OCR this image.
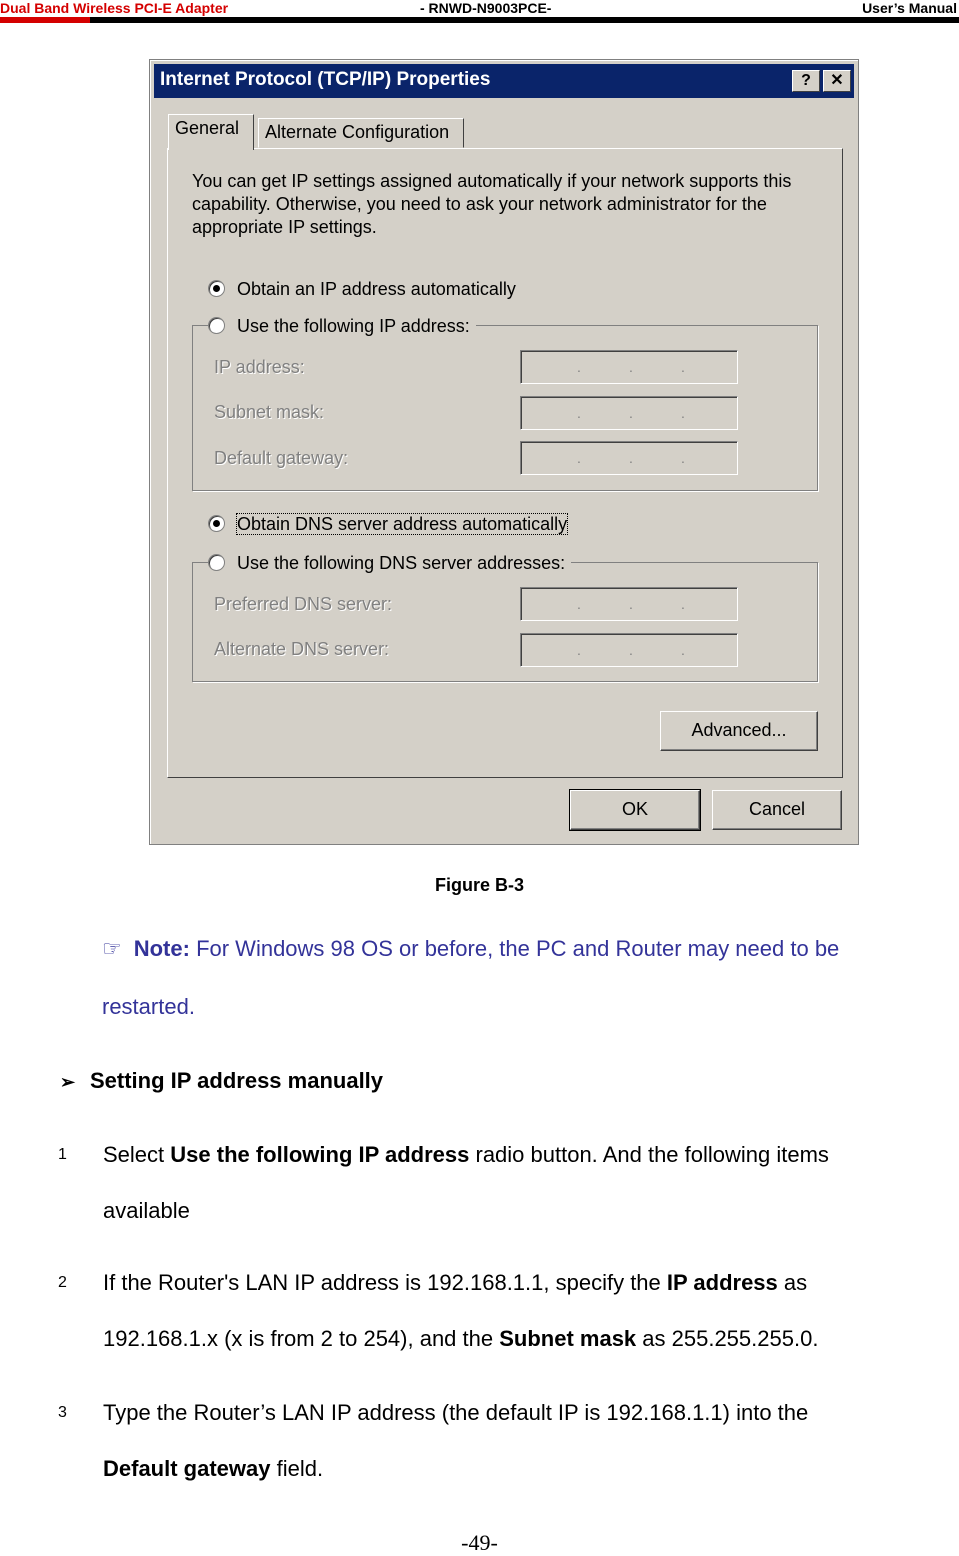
Dual Band Wireless PCI-E Adapter	- RNWD-N9003PCE-	User’s Manual
Internet Protocol (TCP/IP) Properties	?	✕
General	Alternate Configuration
You can get IP settings assigned automatically if your network supports this capability. Otherwise, you need to ask your network administrator for the appropriate IP settings.
Obtain an IP address automatically
Use the following IP address:
IP address:	.	.	.
Subnet mask:	.	.	.
Default gateway:	.	.	.
Obtain DNS server address automatically
Use the following DNS server addresses:
Preferred DNS server:	.	.	.
Alternate DNS server:	.	.	.
Advanced...
OK	Cancel
Figure B-3
☞ Note: For Windows 98 OS or before, the PC and Router may need to be
restarted.
➢ Setting IP address manually
1 Select Use the following IP address radio button. And the following items
available
2 If the Router's LAN IP address is 192.168.1.1, specify the IP address as
192.168.1.x (x is from 2 to 254), and the Subnet mask as 255.255.255.0.
3 Type the Router’s LAN IP address (the default IP is 192.168.1.1) into the
Default gateway field.
-49-
